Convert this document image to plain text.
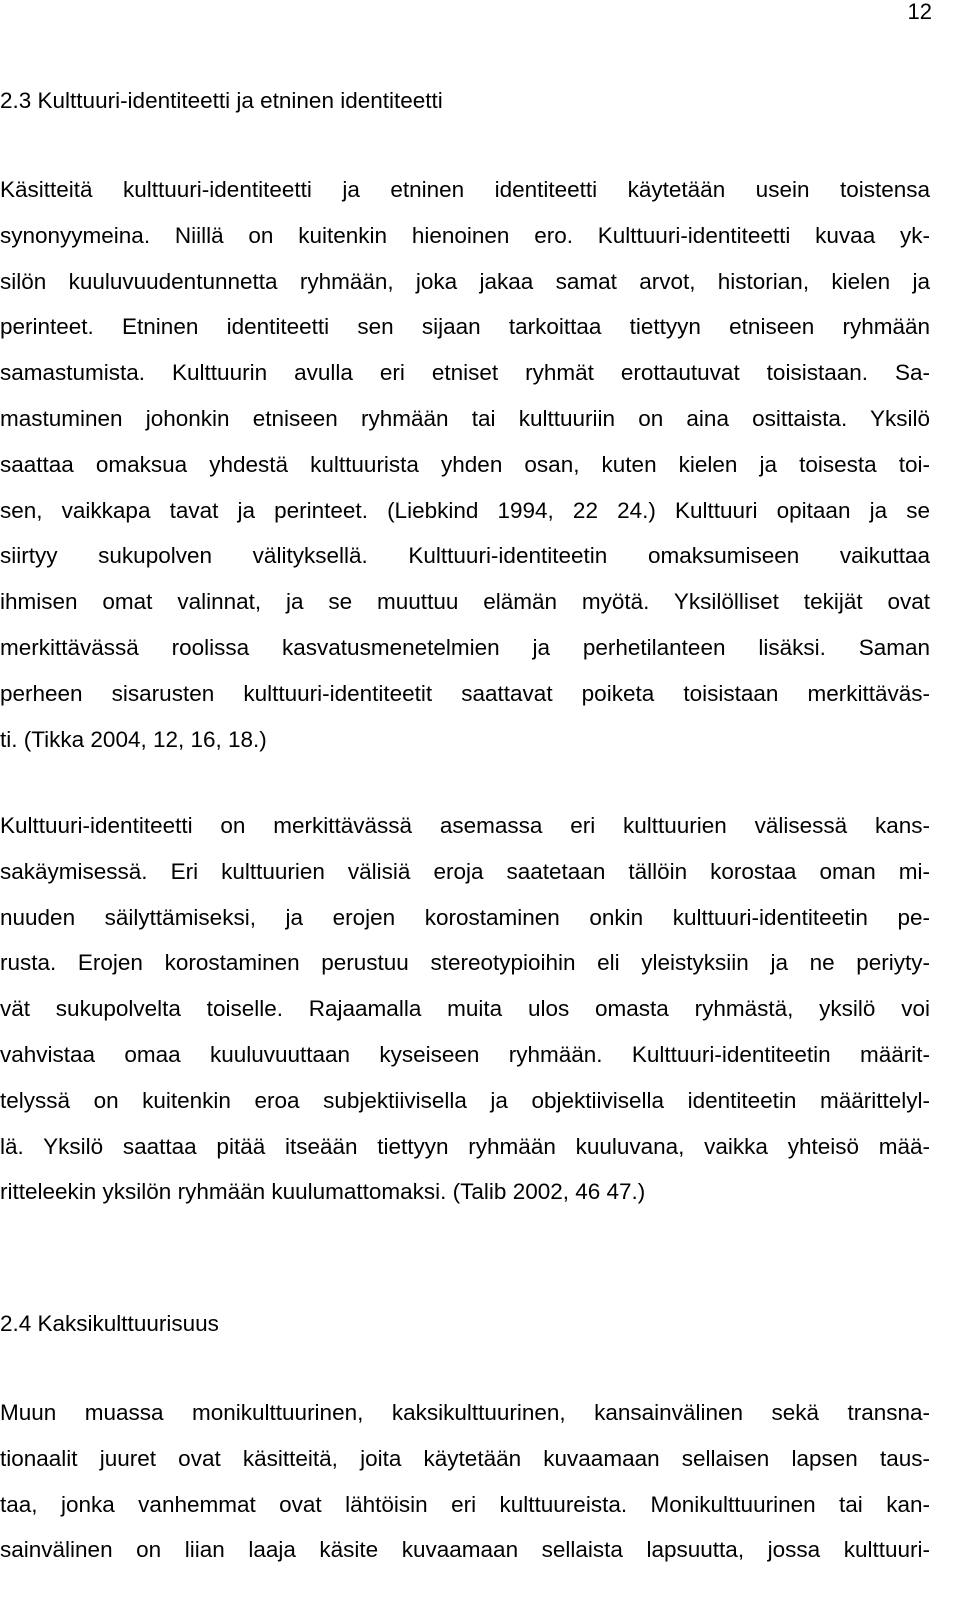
12
2.3 Kulttuuri-identiteetti ja etninen identiteetti

Käsitteitä kulttuuri-identiteetti ja etninen identiteetti käytetään usein toistensa
synonyymeina. Niillä on kuitenkin hienoinen ero. Kulttuuri-identiteetti kuvaa yk-
silön kuuluvuudentunnetta ryhmään, joka jakaa samat arvot, historian, kielen ja
perinteet. Etninen identiteetti sen sijaan tarkoittaa tiettyyn etniseen ryhmään
samastumista. Kulttuurin avulla eri etniset ryhmät erottautuvat toisistaan. Sa-
mastuminen johonkin etniseen ryhmään tai kulttuuriin on aina osittaista. Yksilö
saattaa omaksua yhdestä kulttuurista yhden osan, kuten kielen ja toisesta toi-
sen, vaikkapa tavat ja perinteet. (Liebkind 1994, 22 24.) Kulttuuri opitaan ja se
siirtyy sukupolven välityksellä. Kulttuuri-identiteetin omaksumiseen vaikuttaa
ihmisen omat valinnat, ja se muuttuu elämän myötä. Yksilölliset tekijät ovat
merkittävässä roolissa kasvatusmenetelmien ja perhetilanteen lisäksi. Saman
perheen sisarusten kulttuuri-identiteetit saattavat poiketa toisistaan merkittäväs-
ti. (Tikka 2004, 12, 16, 18.)

Kulttuuri-identiteetti on merkittävässä asemassa eri kulttuurien välisessä kans-
sakäymisessä. Eri kulttuurien välisiä eroja saatetaan tällöin korostaa oman mi-
nuuden säilyttämiseksi, ja erojen korostaminen onkin kulttuuri-identiteetin pe-
rusta. Erojen korostaminen perustuu stereotypioihin eli yleistyksiin ja ne periyty-
vät sukupolvelta toiselle. Rajaamalla muita ulos omasta ryhmästä, yksilö voi
vahvistaa omaa kuuluvuuttaan kyseiseen ryhmään. Kulttuuri-identiteetin määrit-
telyssä on kuitenkin eroa subjektiivisella ja objektiivisella identiteetin määrittelyl-
lä. Yksilö saattaa pitää itseään tiettyyn ryhmään kuuluvana, vaikka yhteisö mää-
ritteleekin yksilön ryhmään kuulumattomaksi. (Talib 2002, 46 47.)

2.4 Kaksikulttuurisuus

Muun muassa monikulttuurinen, kaksikulttuurinen, kansainvälinen sekä transna-
tionaalit juuret ovat käsitteitä, joita käytetään kuvaamaan sellaisen lapsen taus-
taa, jonka vanhemmat ovat lähtöisin eri kulttuureista. Monikulttuurinen tai kan-
sainvälinen on liian laaja käsite kuvaamaan sellaista lapsuutta, jossa kulttuuri-
